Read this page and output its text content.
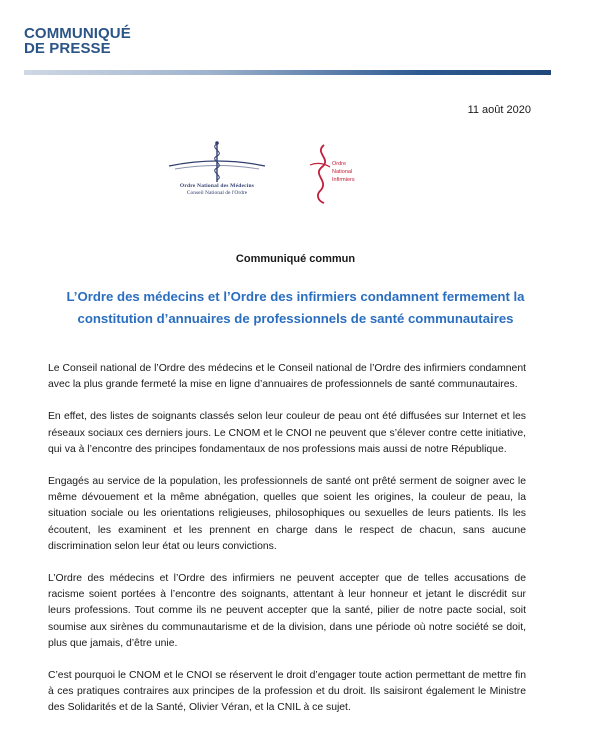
COMMUNIQUÉ
DE PRESSE
11 août 2020
Ordre National des Médecins
Conseil National de l'Ordre
Ordre
National
Infirmiers
Communiqué commun
L’Ordre des médecins et l’Ordre des infirmiers condamnent fermement la constitution d’annuaires de professionnels de santé communautaires

Le Conseil national de l’Ordre des médecins et le Conseil national de l’Ordre des infirmiers condamnent avec la plus grande fermeté la mise en ligne d’annuaires de professionnels de santé communautaires.

En effet, des listes de soignants classés selon leur couleur de peau ont été diffusées sur Internet et les réseaux sociaux ces derniers jours. Le CNOM et le CNOI ne peuvent que s’élever contre cette initiative, qui va à l’encontre des principes fondamentaux de nos professions mais aussi de notre République.

Engagés au service de la population, les professionnels de santé ont prêté serment de soigner avec le même dévouement et la même abnégation, quelles que soient les origines, la couleur de peau, la situation sociale ou les orientations religieuses, philosophiques ou sexuelles de leurs patients. Ils les écoutent, les examinent et les prennent en charge dans le respect de chacun, sans aucune discrimination selon leur état ou leurs convictions.

L’Ordre des médecins et l’Ordre des infirmiers ne peuvent accepter que de telles accusations de racisme soient portées à l’encontre des soignants, attentant à leur honneur et jetant le discrédit sur leurs professions. Tout comme ils ne peuvent accepter que la santé, pilier de notre pacte social, soit soumise aux sirènes du communautarisme et de la division, dans une période où notre société se doit, plus que jamais, d’être unie.

C’est pourquoi le CNOM et le CNOI se réservent le droit d’engager toute action permettant de mettre fin à ces pratiques contraires aux principes de la profession et du droit. Ils saisiront également le Ministre des Solidarités et de la Santé, Olivier Véran, et la CNIL à ce sujet.
